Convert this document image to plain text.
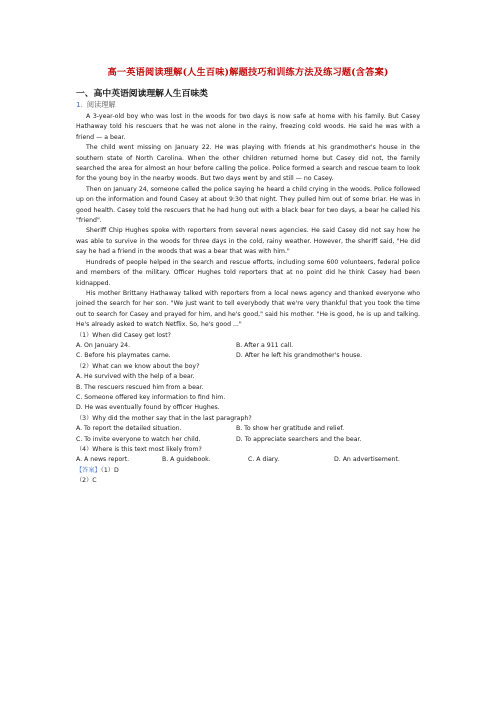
高一英语阅读理解(人生百味)解题技巧和训练方法及练习题(含答案)
一、高中英语阅读理解人生百味类
1. 阅读理解

A 3-year-old boy who was lost in the woods for two days is now safe at home with his family. But Casey Hathaway told his rescuers that he was not alone in the rainy, freezing cold woods. He said he was with a friend — a bear.

The child went missing on January 22. He was playing with friends at his grandmother's house in the southern state of North Carolina. When the other children returned home but Casey did not, the family searched the area for almost an hour before calling the police. Police formed a search and rescue team to look for the young boy in the nearby woods. But two days went by and still — no Casey.

Then on January 24, someone called the police saying he heard a child crying in the woods. Police followed up on the information and found Casey at about 9:30 that night. They pulled him out of some briar. He was in good health. Casey told the rescuers that he had hung out with a black bear for two days, a bear he called his "friend".

Sheriff Chip Hughes spoke with reporters from several news agencies. He said Casey did not say how he was able to survive in the woods for three days in the cold, rainy weather. However, the sheriff said, "He did say he had a friend in the woods that was a bear that was with him."

Hundreds of people helped in the search and rescue efforts, including some 600 volunteers, federal police and members of the military. Officer Hughes told reporters that at no point did he think Casey had been kidnapped.

His mother Brittany Hathaway talked with reporters from a local news agency and thanked everyone who joined the search for her son. "We just want to tell everybody that we're very thankful that you took the time out to search for Casey and prayed for him, and he's good," said his mother. "He is good, he is up and talking. He's already asked to watch Netflix. So, he's good ..."

（1）When did Casey get lost?
A. On January 24.	B. After a 911 call.
C. Before his playmates came.	D. After he left his grandmother's house.
（2）What can we know about the boy?
A. He survived with the help of a bear.
B. The rescuers rescued him from a bear.
C. Someone offered key information to find him.
D. He was eventually found by officer Hughes.
（3）Why did the mother say that in the last paragraph?
A. To report the detailed situation.	B. To show her gratitude and relief.
C. To invite everyone to watch her child.	D. To appreciate searchers and the bear.
（4）Where is this text most likely from?
A. A news report.	B. A guidebook.	C. A diary.	D. An advertisement.
【答案】（1）D
（2）C
